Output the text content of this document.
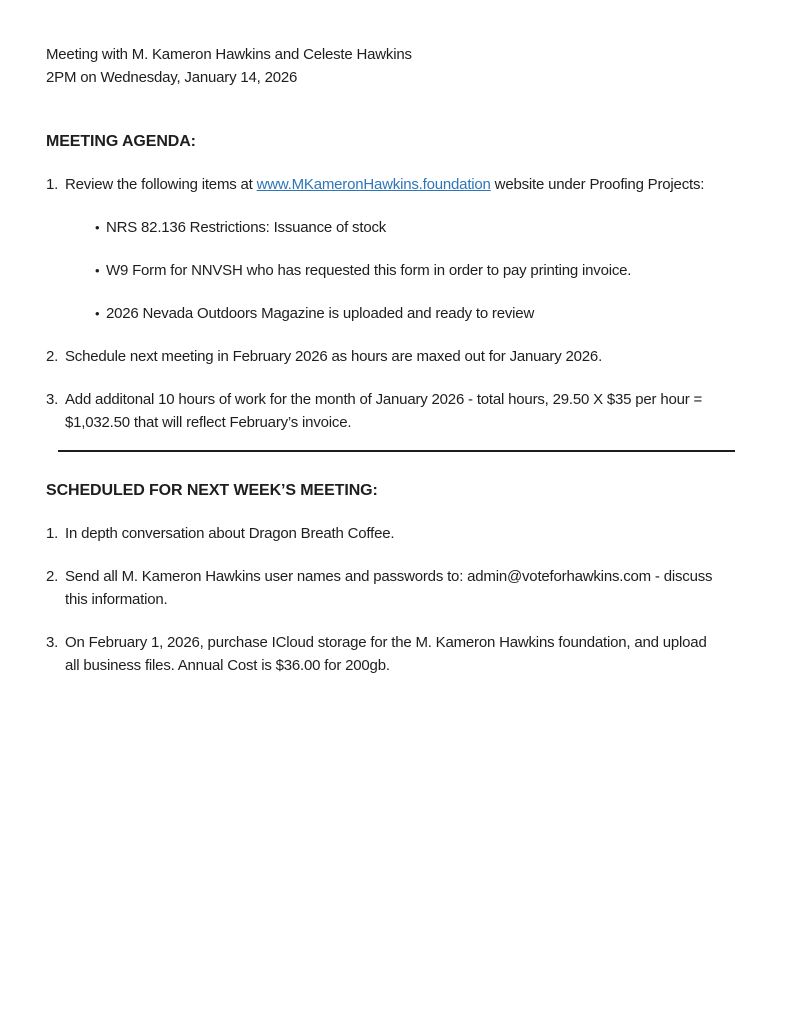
Meeting with M. Kameron Hawkins and Celeste Hawkins
2PM on Wednesday, January 14, 2026
MEETING AGENDA:
1. Review the following items at www.MKameronHawkins.foundation website under Proofing Projects:
• NRS 82.136 Restrictions: Issuance of stock
• W9 Form for NNVSH who has requested this form in order to pay printing invoice.
• 2026 Nevada Outdoors Magazine is uploaded and ready to review
2. Schedule next meeting in February 2026 as hours are maxed out for January 2026.
3. Add additonal 10 hours of work for the month of January 2026 - total hours, 29.50 X $35 per hour =
$1,032.50 that will reflect February’s invoice.
SCHEDULED FOR NEXT WEEK’S MEETING:
1. In depth conversation about Dragon Breath Coffee.
2. Send all M. Kameron Hawkins user names and passwords to: admin@voteforhawkins.com - discuss
this information.
3. On February 1, 2026, purchase ICloud storage for the M. Kameron Hawkins foundation, and upload
all business files. Annual Cost is $36.00 for 200gb.
